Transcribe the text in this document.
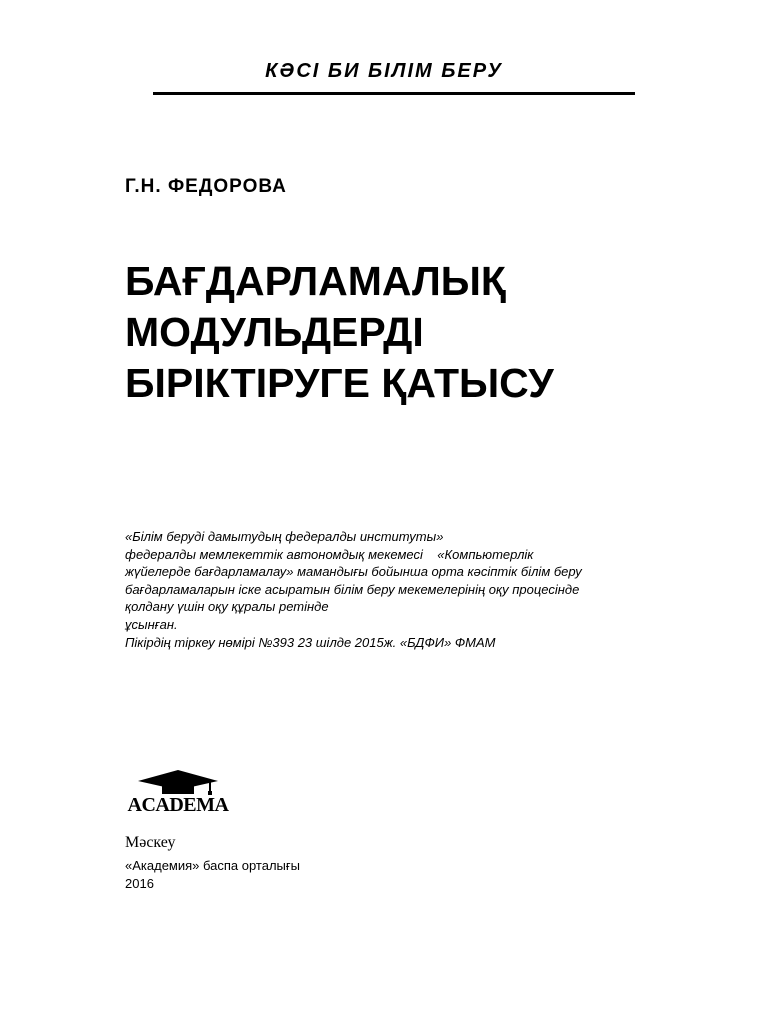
КӘСІ БИ БІЛІМ БЕРУ
Г.Н. ФЕДОРОВА
БАҒДАРЛАМАЛЫҚ
МОДУЛЬДЕРДІ
БІРІКТІРУГЕ ҚАТЫСУ
«Білім беруді дамытудың федералды институты»
федералды мемлекеттік автономдық мекемесі    «Компьютерлік
жүйелерде бағдарламалау» мамандығы бойынша орта кәсіптік білім беру
бағдарламаларын іске асыратын білім беру мекемелерінің оқу процесінде
қолдану үшін оқу құралы ретінде
ұсынған.
Пікірдің тіркеу нөмірі №393 23 шілде 2015ж. «БДФИ» ФМАМ
ACADEMA
Мәскеу
«Академия» баспа орталығы
2016
